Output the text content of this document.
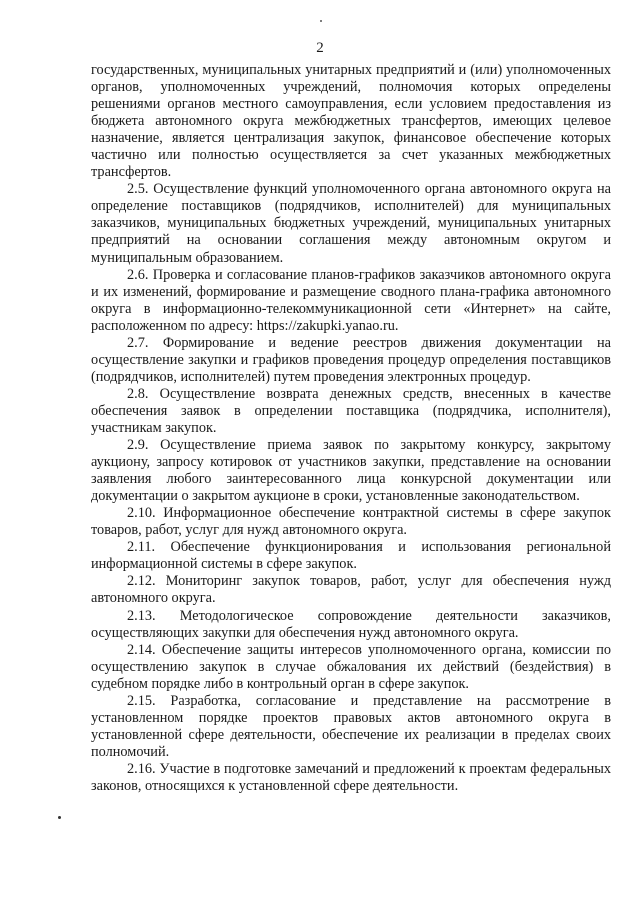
2

государственных, муниципальных унитарных предприятий и (или) уполномоченных органов, уполномоченных учреждений, полномочия которых определены решениями органов местного самоуправления, если условием предоставления из бюджета автономного округа межбюджетных трансфертов, имеющих целевое назначение, является централизация закупок, финансовое обеспечение которых частично или полностью осуществляется за счет указанных межбюджетных трансфертов.

2.5. Осуществление функций уполномоченного органа автономного округа на определение поставщиков (подрядчиков, исполнителей) для муниципальных заказчиков, муниципальных бюджетных учреждений, муниципальных унитарных предприятий на основании соглашения между автономным округом и муниципальным образованием.

2.6. Проверка и согласование планов-графиков заказчиков автономного округа и их изменений, формирование и размещение сводного плана-графика автономного округа в информационно-телекоммуникационной сети «Интернет» на сайте, расположенном по адресу: https://zakupki.yanao.ru.

2.7. Формирование и ведение реестров движения документации на осуществление закупки и графиков проведения процедур определения поставщиков (подрядчиков, исполнителей) путем проведения электронных процедур.

2.8. Осуществление возврата денежных средств, внесенных в качестве обеспечения заявок в определении поставщика (подрядчика, исполнителя), участникам закупок.

2.9. Осуществление приема заявок по закрытому конкурсу, закрытому аукциону, запросу котировок от участников закупки, представление на основании заявления любого заинтересованного лица конкурсной документации или документации о закрытом аукционе в сроки, установленные законодательством.

2.10. Информационное обеспечение контрактной системы в сфере закупок товаров, работ, услуг для нужд автономного округа.

2.11. Обеспечение функционирования и использования региональной информационной системы в сфере закупок.

2.12. Мониторинг закупок товаров, работ, услуг для обеспечения нужд автономного округа.

2.13. Методологическое сопровождение деятельности заказчиков, осуществляющих закупки для обеспечения нужд автономного округа.

2.14. Обеспечение защиты интересов уполномоченного органа, комиссии по осуществлению закупок в случае обжалования их действий (бездействия) в судебном порядке либо в контрольный орган в сфере закупок.

2.15. Разработка, согласование и представление на рассмотрение в установленном порядке проектов правовых актов автономного округа в установленной сфере деятельности, обеспечение их реализации в пределах своих полномочий.

2.16. Участие в подготовке замечаний и предложений к проектам федеральных законов, относящихся к установленной сфере деятельности.
